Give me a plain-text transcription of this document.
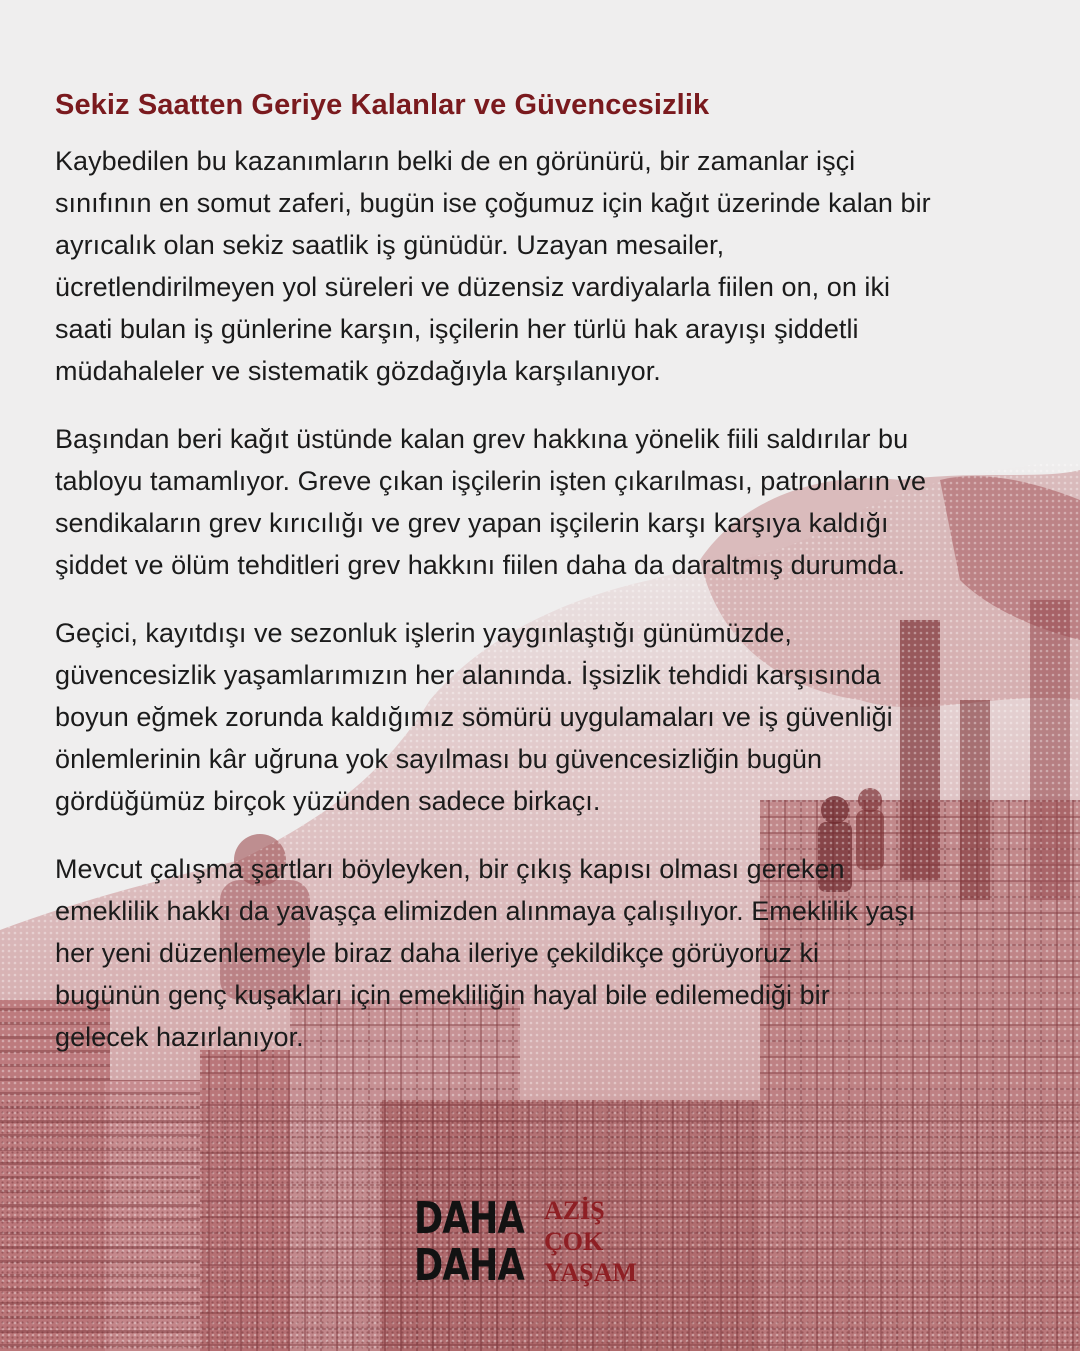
Sekiz Saatten Geriye Kalanlar ve Güvencesizlik

Kaybedilen bu kazanımların belki de en görünürü, bir zamanlar işçi
sınıfının en somut zaferi, bugün ise çoğumuz için kağıt üzerinde kalan bir
ayrıcalık olan sekiz saatlik iş günüdür. Uzayan mesailer,
ücretlendirilmeyen yol süreleri ve düzensiz vardiyalarla fiilen on, on iki
saati bulan iş günlerine karşın, işçilerin her türlü hak arayışı şiddetli
müdahaleler ve sistematik gözdağıyla karşılanıyor.

Başından beri kağıt üstünde kalan grev hakkına yönelik fiili saldırılar bu
tabloyu tamamlıyor. Greve çıkan işçilerin işten çıkarılması, patronların ve
sendikaların grev kırıcılığı ve grev yapan işçilerin karşı karşıya kaldığı
şiddet ve ölüm tehditleri grev hakkını fiilen daha da daraltmış durumda.

Geçici, kayıtdışı ve sezonluk işlerin yaygınlaştığı günümüzde,
güvencesizlik yaşamlarımızın her alanında. İşsizlik tehdidi karşısında
boyun eğmek zorunda kaldığımız sömürü uygulamaları ve iş güvenliği
önlemlerinin kâr uğruna yok sayılması bu güvencesizliğin bugün
gördüğümüz birçok yüzünden sadece birkaçı.

Mevcut çalışma şartları böyleyken, bir çıkış kapısı olması gereken
emeklilik hakkı da yavaşça elimizden alınmaya çalışılıyor. Emeklilik yaşı
her yeni düzenlemeyle biraz daha ileriye çekildikçe görüyoruz ki
bugünün genç kuşakları için emekliliğin hayal bile edilemediği bir
gelecek hazırlanıyor.

DAHA
DAHA
AZİŞ
ÇOK
YAŞAM
